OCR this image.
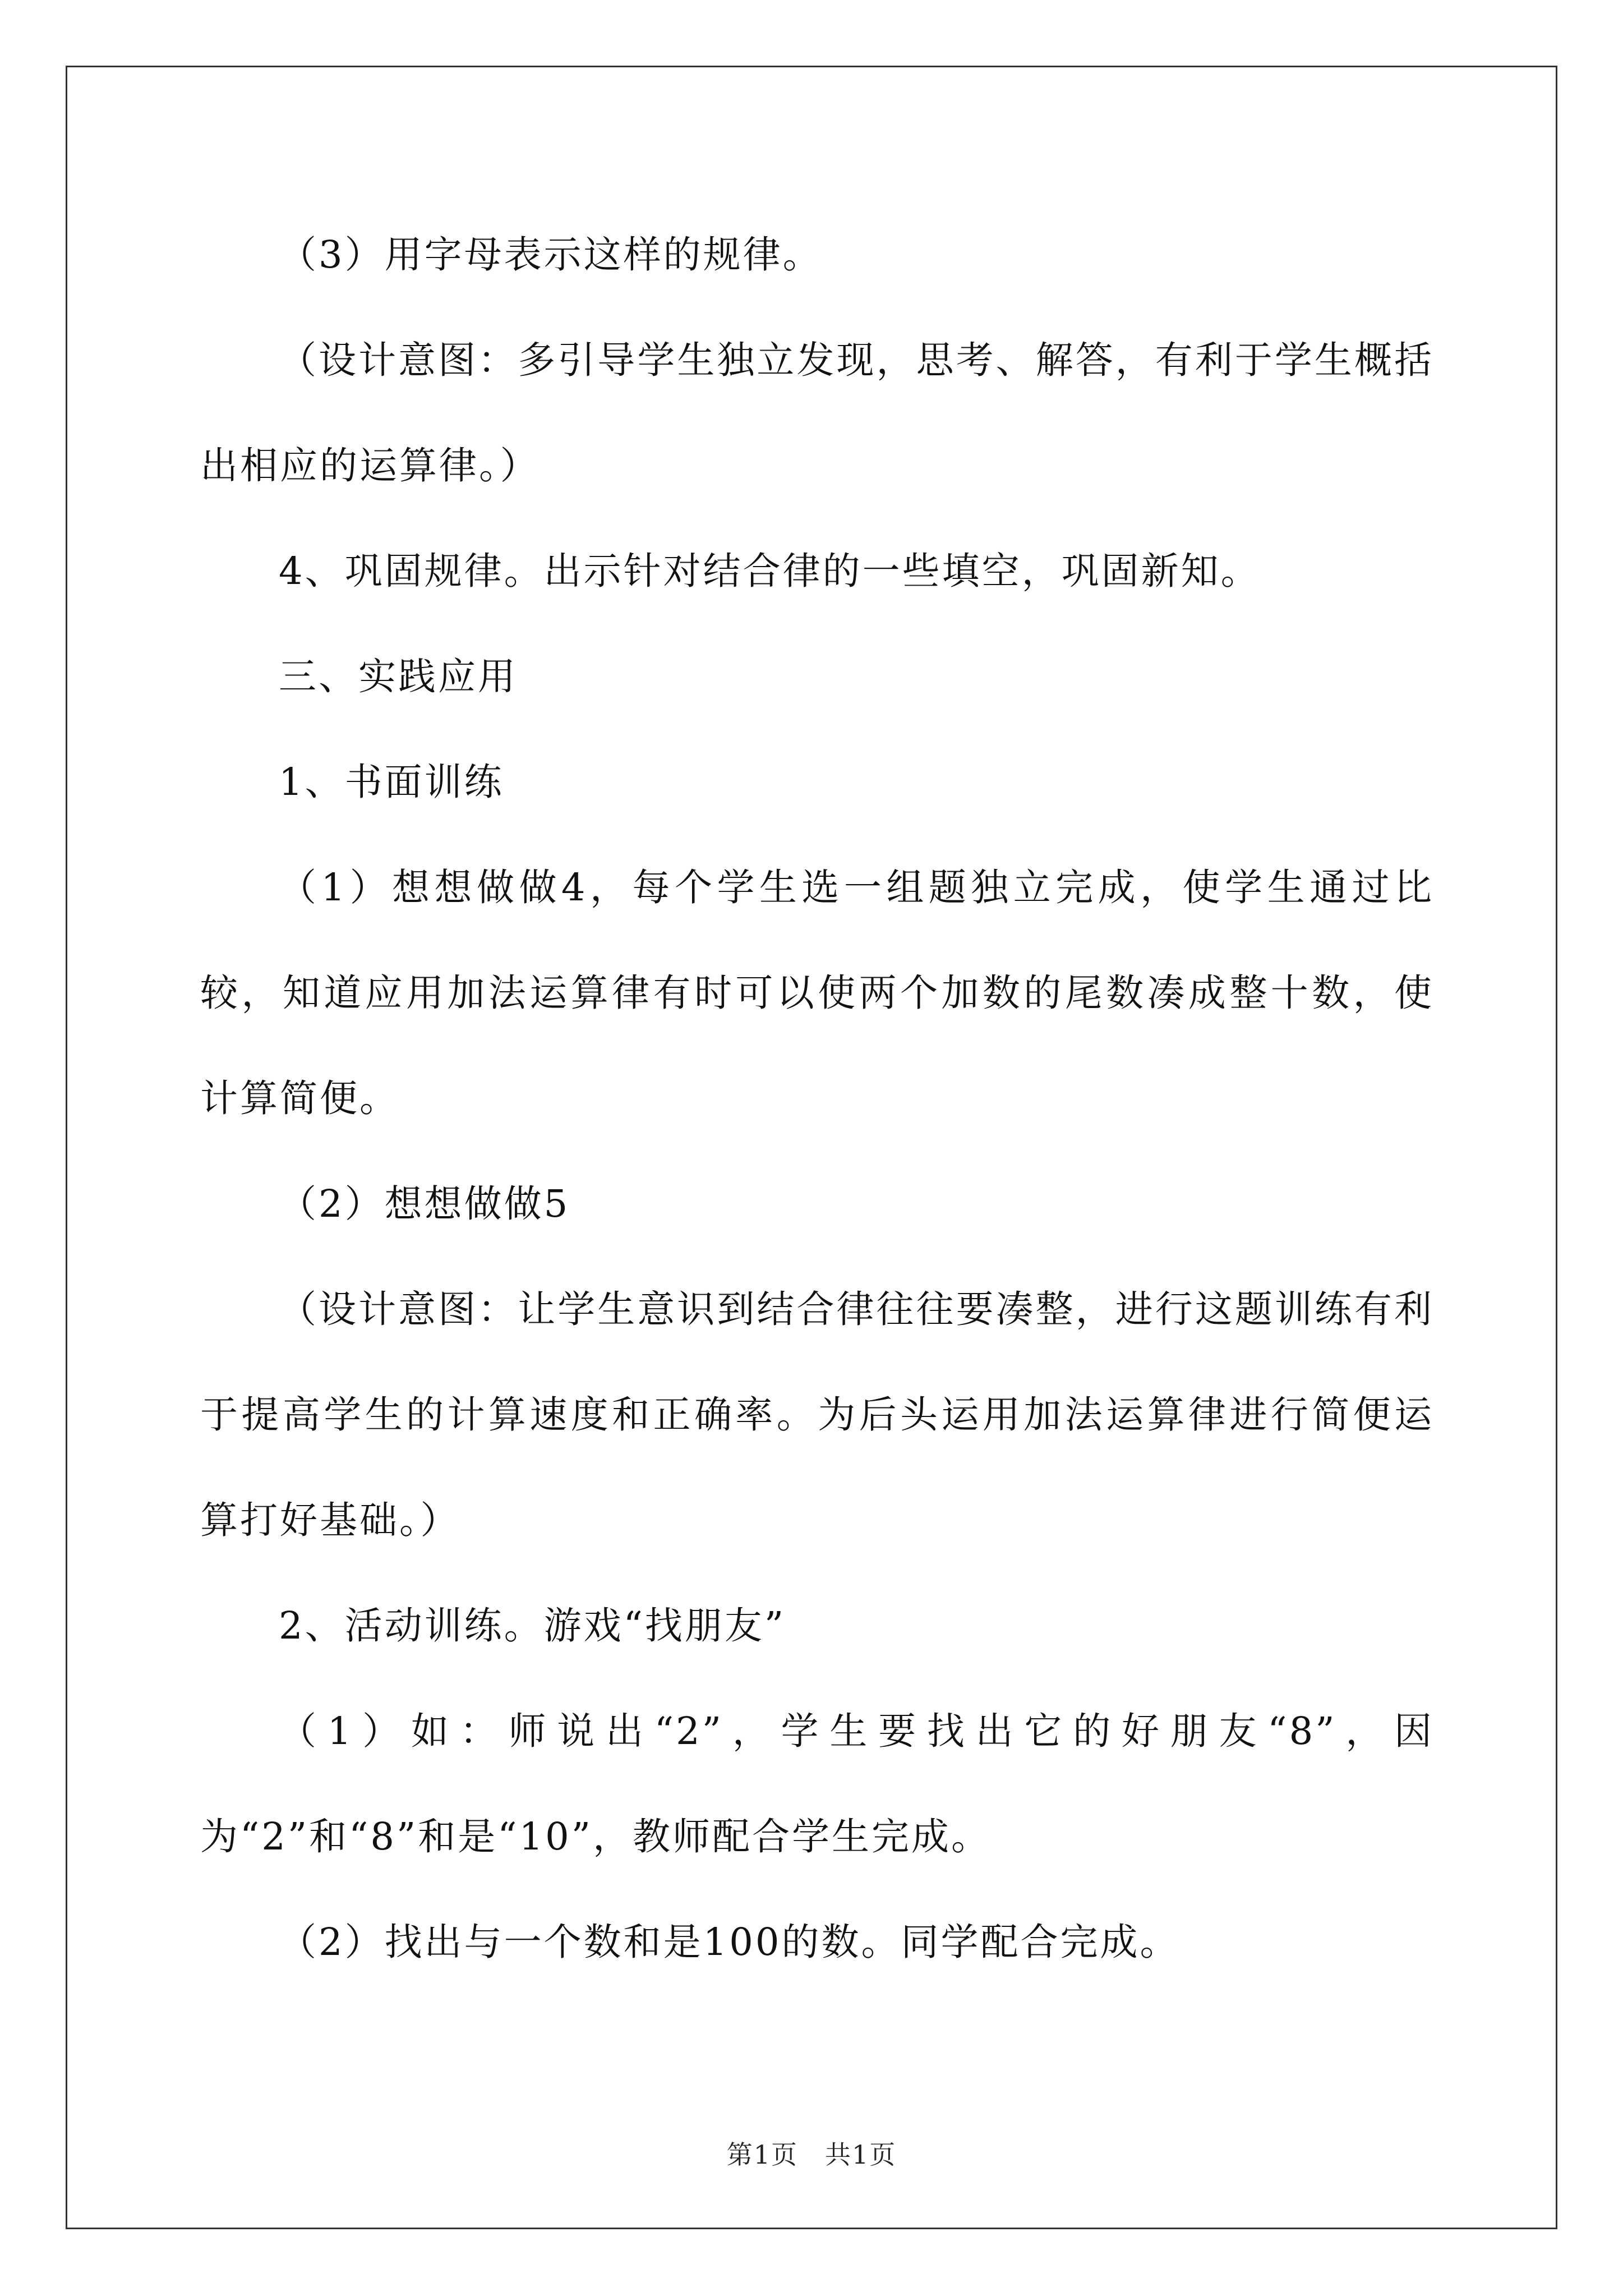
（3）用字母表示这样的规律。

（设计意图：多引导学生独立发现，思考、解答，有利于学生概括出相应的运算律。）

4、巩固规律。出示针对结合律的一些填空，巩固新知。

三、实践应用

1、书面训练

（1）想想做做4，每个学生选一组题独立完成，使学生通过比较，知道应用加法运算律有时可以使两个加数的尾数凑成整十数，使计算简便。

（2）想想做做5

（设计意图：让学生意识到结合律往往要凑整，进行这题训练有利于提高学生的计算速度和正确率。为后头运用加法运算律进行简便运算打好基础。）

2、活动训练。游戏“找朋友”

（1）如：师说出“2”，学生要找出它的好朋友“8”，因为“2”和“8”和是“10”，教师配合学生完成。

（2）找出与一个数和是100的数。同学配合完成。

第1页　共1页
